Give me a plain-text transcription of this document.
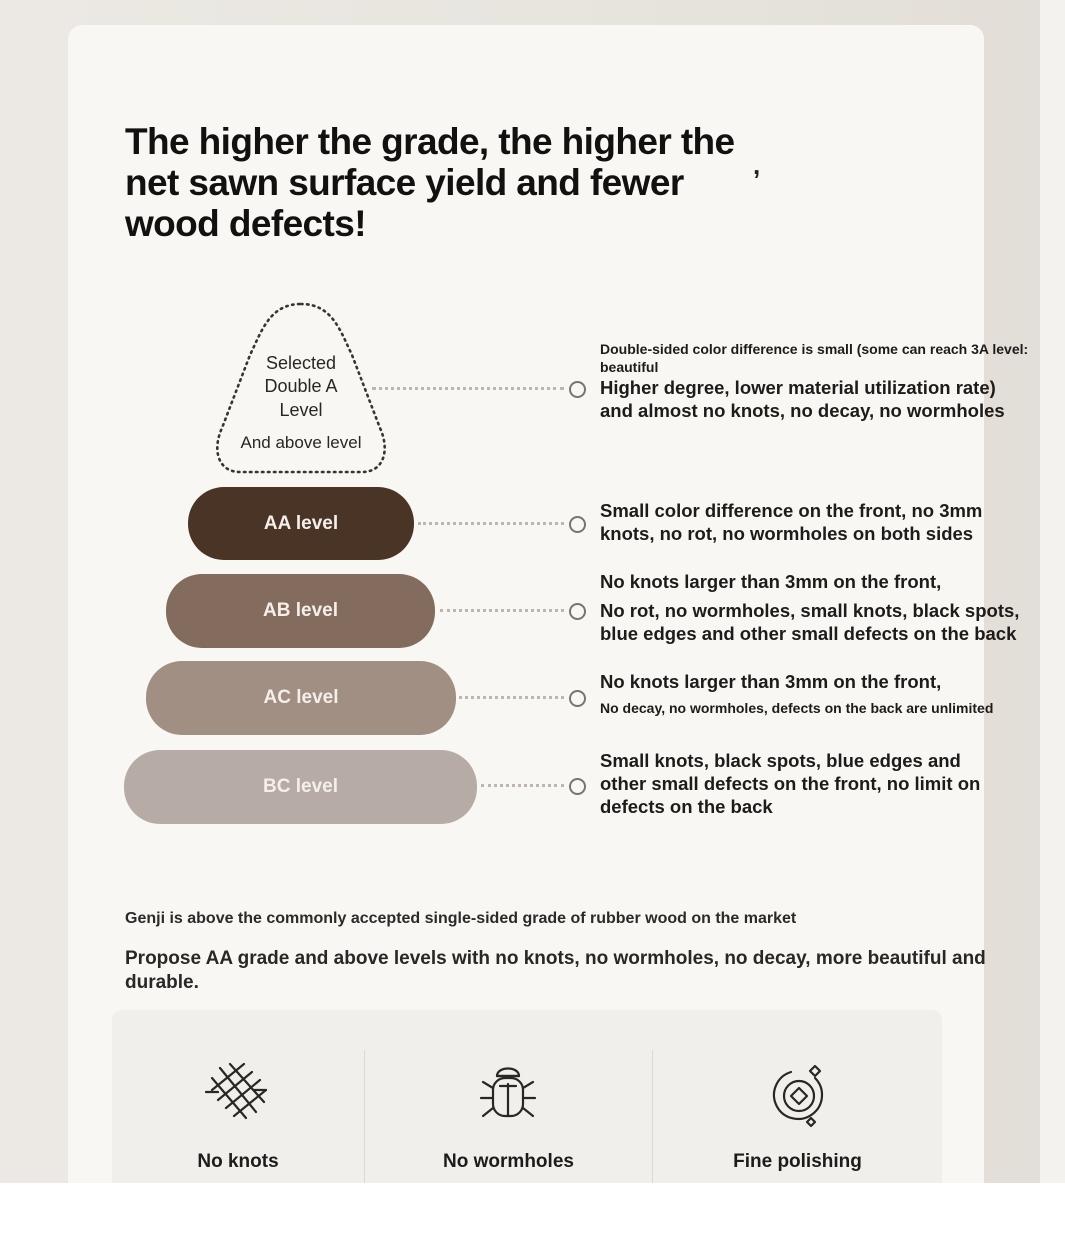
The higher the grade, the higher the net sawn surface yield and fewer wood defects!
,
Selected
Double A
Level
And above level
AA level
AB level
AC level
BC level
Double-sided color difference is small (some can reach 3A level:
beautiful
Higher degree, lower material utilization rate)
and almost no knots, no decay, no wormholes
Small color difference on the front, no 3mm
knots, no rot, no wormholes on both sides
No knots larger than 3mm on the front,
No rot, no wormholes, small knots, black spots,
blue edges and other small defects on the back
No knots larger than 3mm on the front,
No decay, no wormholes, defects on the back are unlimited
Small knots, black spots, blue edges and
other small defects on the front, no limit on
defects on the back
Genji is above the commonly accepted single-sided grade of rubber wood on the market
Propose AA grade and above levels with no knots, no wormholes, no decay, more beautiful and durable.
No knots	No wormholes	Fine polishing
